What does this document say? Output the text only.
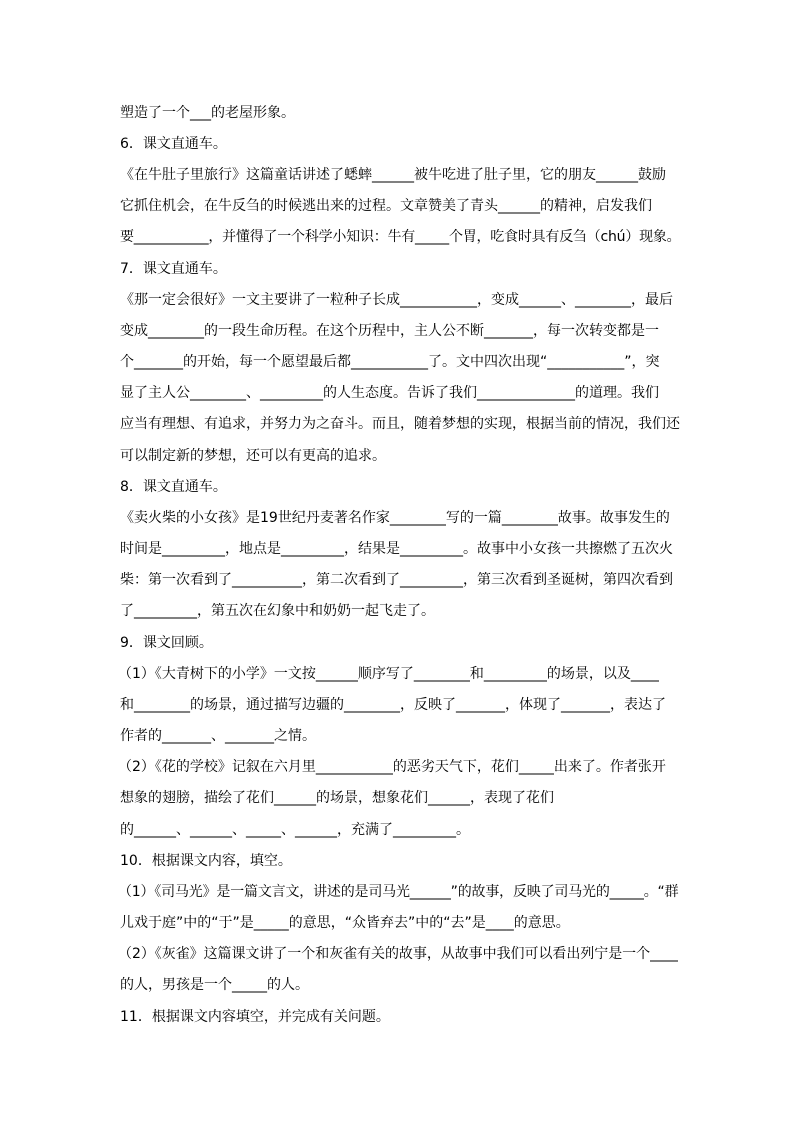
塑造了一个___的老屋形象。
6．课文直通车。
《在牛肚子里旅行》这篇童话讲述了蟋蟀______被牛吃进了肚子里，它的朋友______鼓励
它抓住机会，在牛反刍的时候逃出来的过程。文章赞美了青头______的精神，启发我们
要___________，并懂得了一个科学小知识：牛有_____个胃，吃食时具有反刍（chú）现象。
7．课文直通车。
《那一定会很好》一文主要讲了一粒种子长成___________，变成______、________，最后
变成________的一段生命历程。在这个历程中，主人公不断_______，每一次转变都是一
个_______的开始，每一个愿望最后都___________了。文中四次出现“___________”，突
显了主人公________、_________的人生态度。告诉了我们______________的道理。我们
应当有理想、有追求，并努力为之奋斗。而且，随着梦想的实现，根据当前的情况，我们还
可以制定新的梦想，还可以有更高的追求。
8．课文直通车。
《卖火柴的小女孩》是19世纪丹麦著名作家________写的一篇________故事。故事发生的
时间是_________，地点是_________，结果是_________。故事中小女孩一共擦燃了五次火
柴：第一次看到了__________，第二次看到了_________，第三次看到圣诞树，第四次看到
了_________，第五次在幻象中和奶奶一起飞走了。
9．课文回顾。
（1）《大青树下的小学》一文按______顺序写了________和_________的场景，以及____
和________的场景，通过描写边疆的________，反映了_______，体现了_______，表达了
作者的_______、_______之情。
（2）《花的学校》记叙在六月里___________的恶劣天气下，花们_____出来了。作者张开
想象的翅膀，描绘了花们______的场景，想象花们______，表现了花们
的______、______、_____、______，充满了_________。
10．根据课文内容，填空。
（1）《司马光》是一篇文言文，讲述的是司马光______”的故事，反映了司马光的_____。“群
儿戏于庭”中的“于”是_____的意思，“众皆弃去”中的“去”是____的意思。
（2）《灰雀》这篇课文讲了一个和灰雀有关的故事，从故事中我们可以看出列宁是一个____
的人，男孩是一个_____的人。
11．根据课文内容填空，并完成有关问题。
